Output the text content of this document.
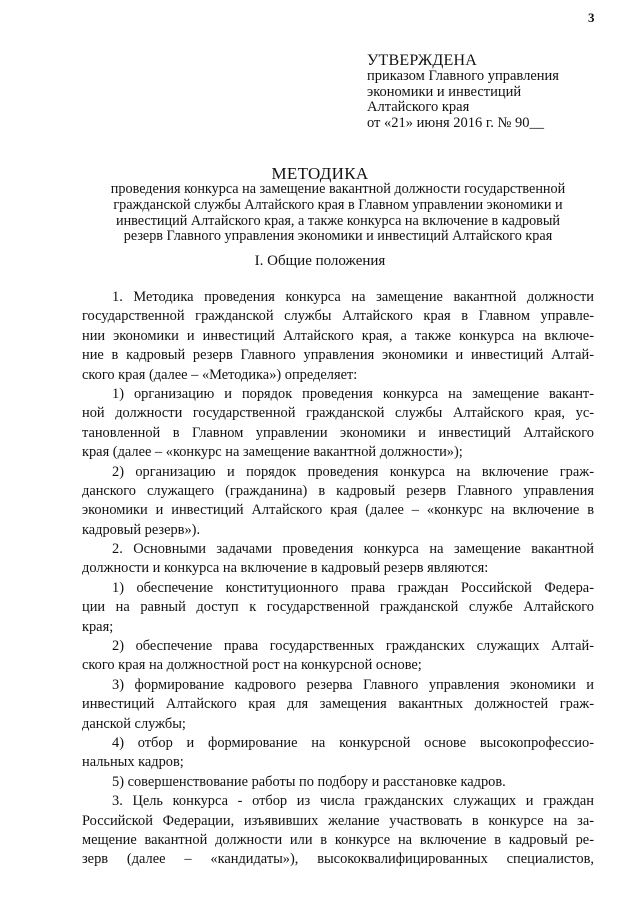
3
УТВЕРЖДЕНА
приказом Главного управления
экономики и инвестиций
Алтайского края
от «21» июня 2016 г. № 90__
МЕТОДИКА
проведения конкурса на замещение вакантной должности государственной
гражданской службы Алтайского края в Главном управлении экономики и
инвестиций Алтайского края, а также конкурса на включение в кадровый
резерв Главного управления экономики и инвестиций Алтайского края
I. Общие положения
1. Методика проведения конкурса на замещение вакантной должности
государственной гражданской службы Алтайского края в Главном управле-
нии экономики и инвестиций Алтайского края, а также конкурса на включе-
ние в кадровый резерв Главного управления экономики и инвестиций Алтай-
ского края (далее – «Методика») определяет:
1) организацию и порядок проведения конкурса на замещение вакант-
ной должности государственной гражданской службы Алтайского края, ус-
тановленной в Главном управлении экономики и инвестиций Алтайского
края (далее – «конкурс на замещение вакантной должности»);
2) организацию и порядок проведения конкурса на включение граж-
данского служащего (гражданина) в кадровый резерв Главного управления
экономики и инвестиций Алтайского края (далее – «конкурс на включение в
кадровый резерв»).
2. Основными задачами проведения конкурса на замещение вакантной
должности и конкурса на включение в кадровый резерв являются:
1) обеспечение конституционного права граждан Российской Федера-
ции на равный доступ к государственной гражданской службе Алтайского
края;
2) обеспечение права государственных гражданских служащих Алтай-
ского края на должностной рост на конкурсной основе;
3) формирование кадрового резерва Главного управления экономики и
инвестиций Алтайского края для замещения вакантных должностей граж-
данской службы;
4) отбор и формирование на конкурсной основе высокопрофессио-
нальных кадров;
5) совершенствование работы по подбору и расстановке кадров.
3. Цель конкурса - отбор из числа гражданских служащих и граждан
Российской Федерации, изъявивших желание участвовать в конкурсе на за-
мещение вакантной должности или в конкурсе на включение в кадровый ре-
зерв (далее – «кандидаты»), высококвалифицированных специалистов,
